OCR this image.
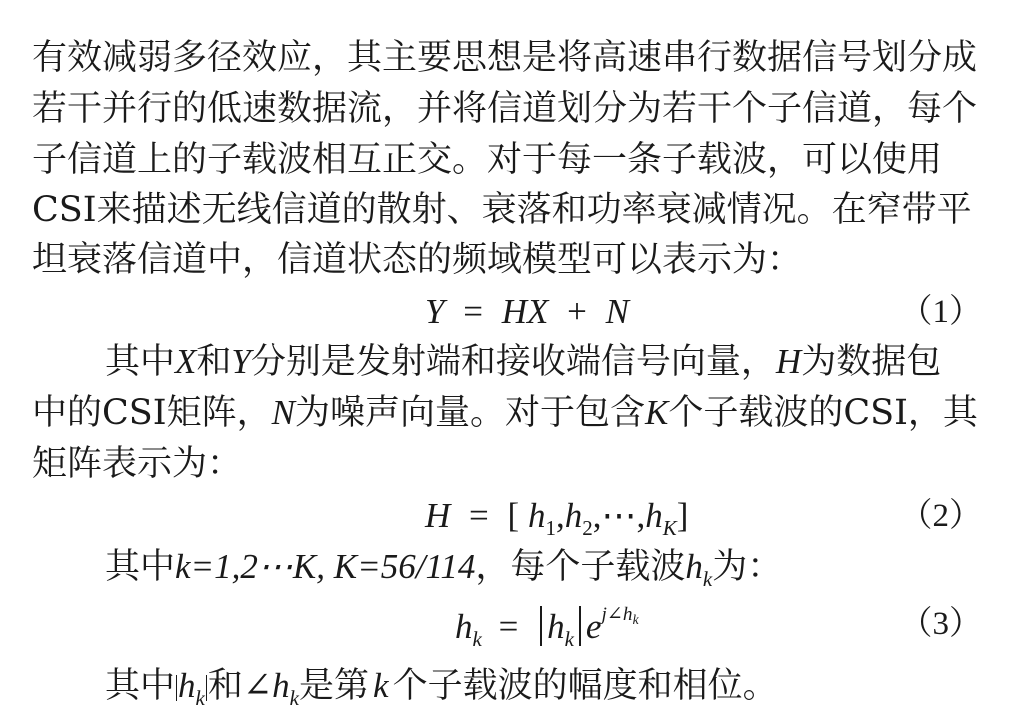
有效减弱多径效应，其主要思想是将高速串行数据信号划分成
若干并行的低速数据流，并将信道划分为若干个子信道，每个
子信道上的子载波相互正交。对于每一条子载波，可以使用
CSI来描述无线信道的散射、衰落和功率衰减情况。在窄带平
坦衰落信道中，信道状态的频域模型可以表示为：
Y = HX + N	（1）
其中X和Y分别是发射端和接收端信号向量，H为数据包
中的CSI矩阵，N为噪声向量。对于包含K个子载波的CSI，其
矩阵表示为：
H = [ $h_1,h_2,\cdots,h_K$]	（2）
其中k=1,2⋯K, K=56/114，每个子载波$h_k$为：
$h_k = h_k$ $e^{j\angle h_k}$	（3）
其中$h_k$和$\angle h_k$是第 k 个子载波的幅度和相位。
